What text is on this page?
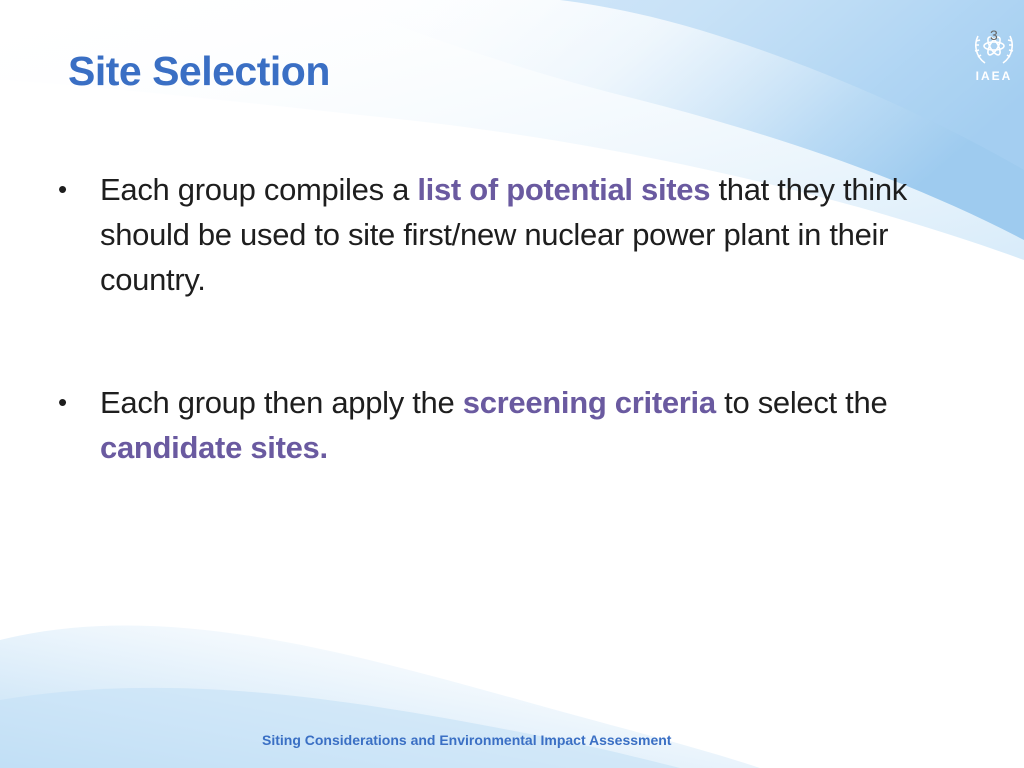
Site Selection
3
IAEA
• Each group compiles a list of potential sites that they think should be used to site first/new nuclear power plant in their country.
• Each group then apply the screening criteria to select the candidate sites.
Siting Considerations and Environmental Impact Assessment
